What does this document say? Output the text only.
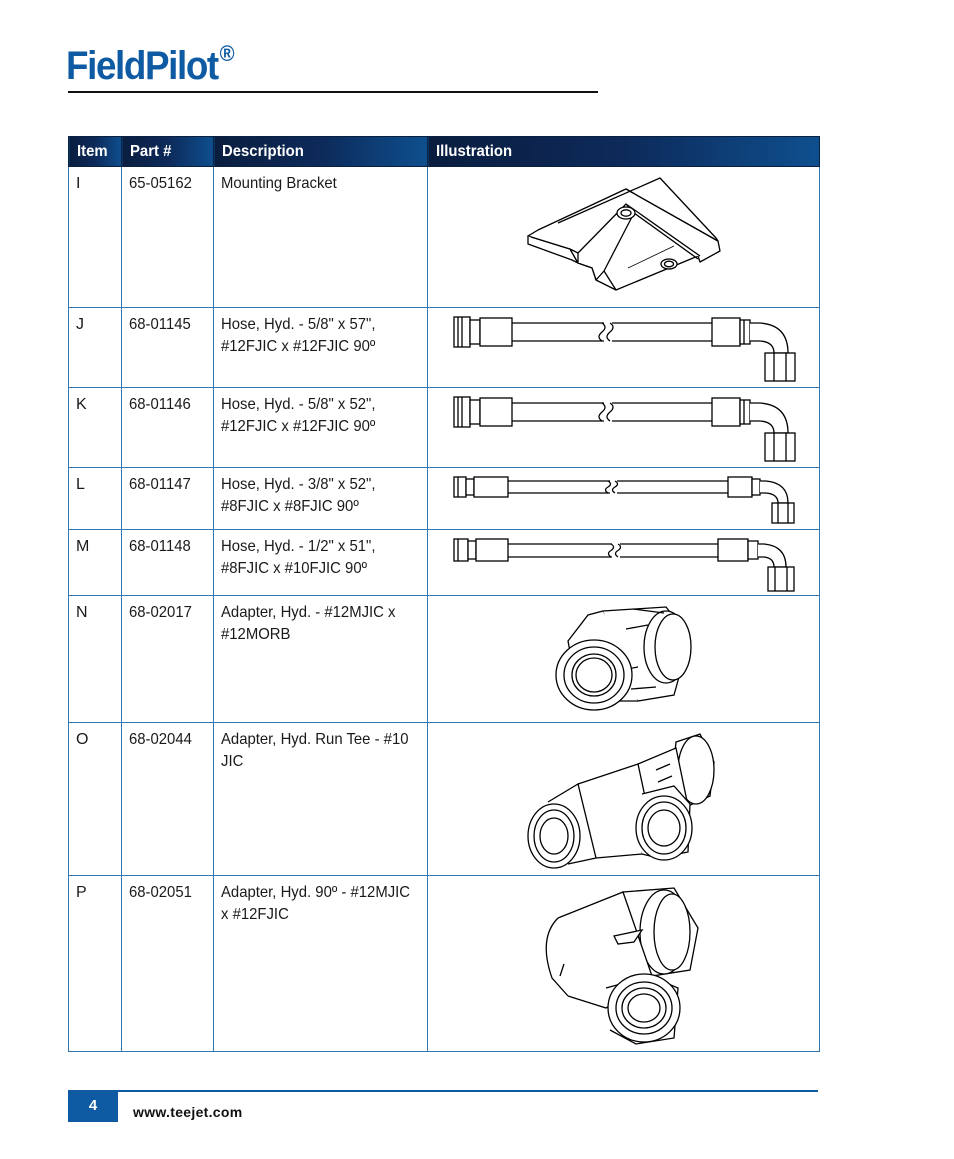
FieldPilot®
Item	Part #	Description	Illustration
I	65-05162	Mounting Bracket

J	68-01145	Hose, Hyd. - 5/8" x 57", #12FJIC x #12FJIC 90º

K	68-01146	Hose, Hyd. - 5/8" x 52", #12FJIC x #12FJIC 90º

L	68-01147	Hose, Hyd. - 3/8" x 52", #8FJIC x #8FJIC 90º

M	68-01148	Hose, Hyd. - 1/2" x 51", #8FJIC x #10FJIC 90º

N	68-02017	Adapter, Hyd. - #12MJIC x #12MORB

O	68-02044	Adapter, Hyd. Run Tee - #10 JIC

P	68-02051	Adapter, Hyd. 90º - #12MJIC x #12FJIC

4	www.teejet.com
